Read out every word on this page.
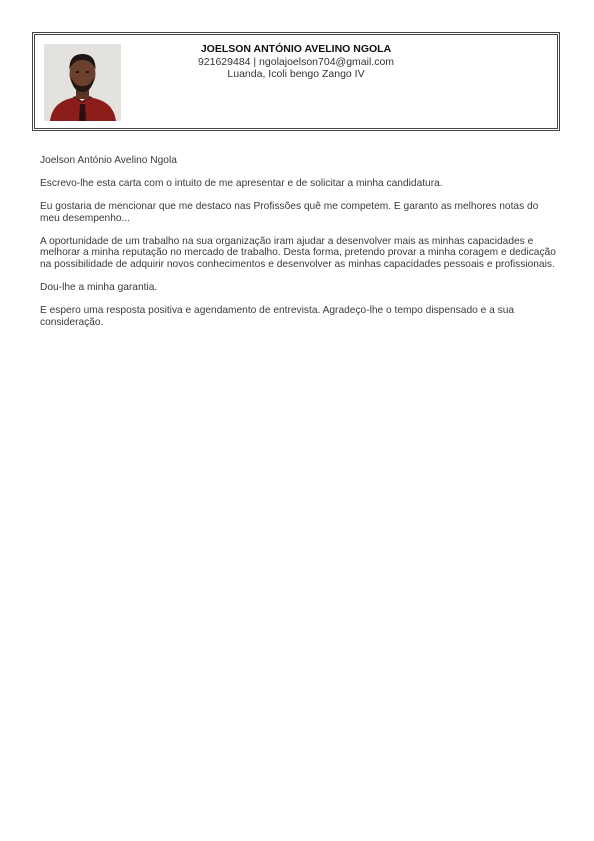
JOELSON ANTÓNIO AVELINO NGOLA
921629484 | ngolajoelson704@gmail.com
Luanda, Icoli bengo Zango IV

Joelson António Avelino Ngola

Escrevo-lhe esta carta com o intuito de me apresentar e de solicitar a minha candidatura.

Eu gostaria de mencionar que me destaco nas Profissões quê me competem. E garanto as melhores notas do meu desempenho...

A oportunidade de um trabalho na sua organização iram ajudar a desenvolver mais as minhas capacidades e melhorar a minha reputação no mercado de trabalho. Desta forma, pretendo provar a minha coragem e dedicação na possibilidade de adquirir novos conhecimentos e desenvolver as minhas capacidades pessoais e profissionais.

Dou-lhe a minha garantia.

E espero uma resposta positiva e agendamento de entrevista. Agradeço-lhe o tempo dispensado e a sua consideração.
